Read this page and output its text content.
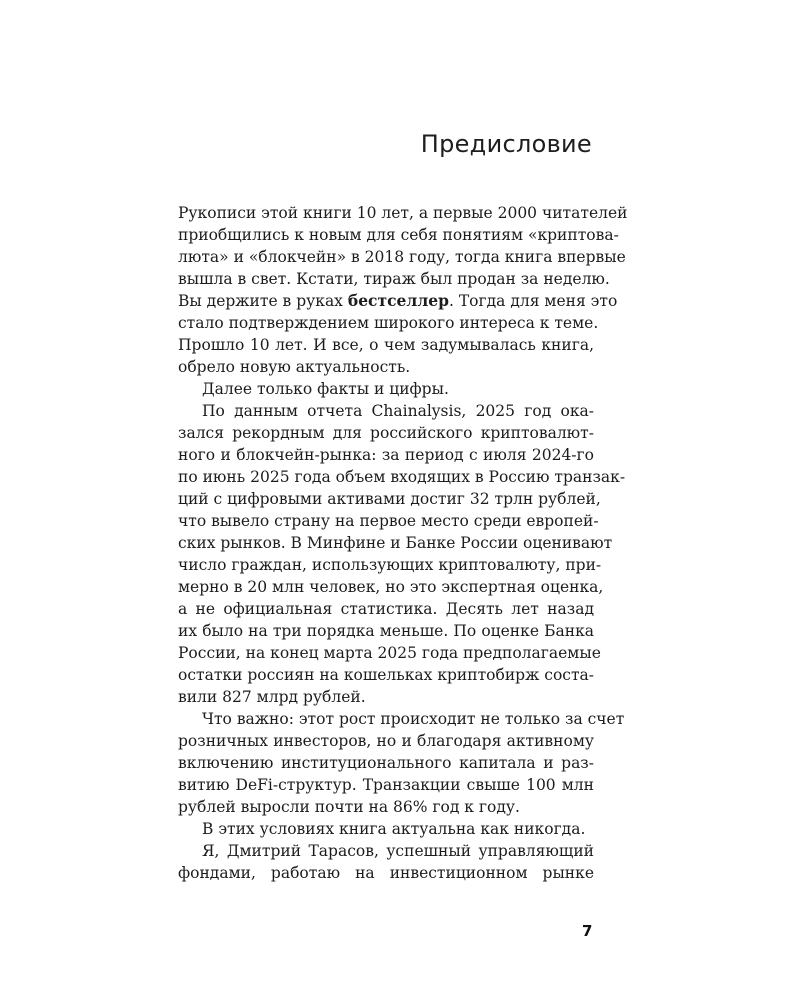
Предисловие
Рукописи этой книги 10 лет, а первые 2000 читателей
приобщились к новым для себя понятиям «криптова-
люта» и «блокчейн» в 2018 году, тогда книга впервые
вышла в свет. Кстати, тираж был продан за неделю.
Вы держите в руках бестселлер. Тогда для меня это
стало подтверждением широкого интереса к теме.
Прошло 10 лет. И все, о чем задумывалась книга,
обрело новую актуальность.
Далее только факты и цифры.
По данным отчета Chainalysis, 2025 год ока-
зался рекордным для российского криптовалют-
ного и блокчейн-рынка: за период с июля 2024-го
по июнь 2025 года объем входящих в Россию транзак-
ций с цифровыми активами достиг 32 трлн рублей,
что вывело страну на первое место среди европей-
ских рынков. В Минфине и Банке России оценивают
число граждан, использующих криптовалюту, при-
мерно в 20 млн человек, но это экспертная оценка,
а не официальная статистика. Десять лет назад
их было на три порядка меньше. По оценке Банка
России, на конец марта 2025 года предполагаемые
остатки россиян на кошельках криптобирж соста-
вили 827 млрд рублей.
Что важно: этот рост происходит не только за счет
розничных инвесторов, но и благодаря активному
включению институционального капитала и раз-
витию DeFi-структур. Транзакции свыше 100 млн
рублей выросли почти на 86% год к году.
В этих условиях книга актуальна как никогда.
Я, Дмитрий Тарасов, успешный управляющий
фондами, работаю на инвестиционном рынке
7
